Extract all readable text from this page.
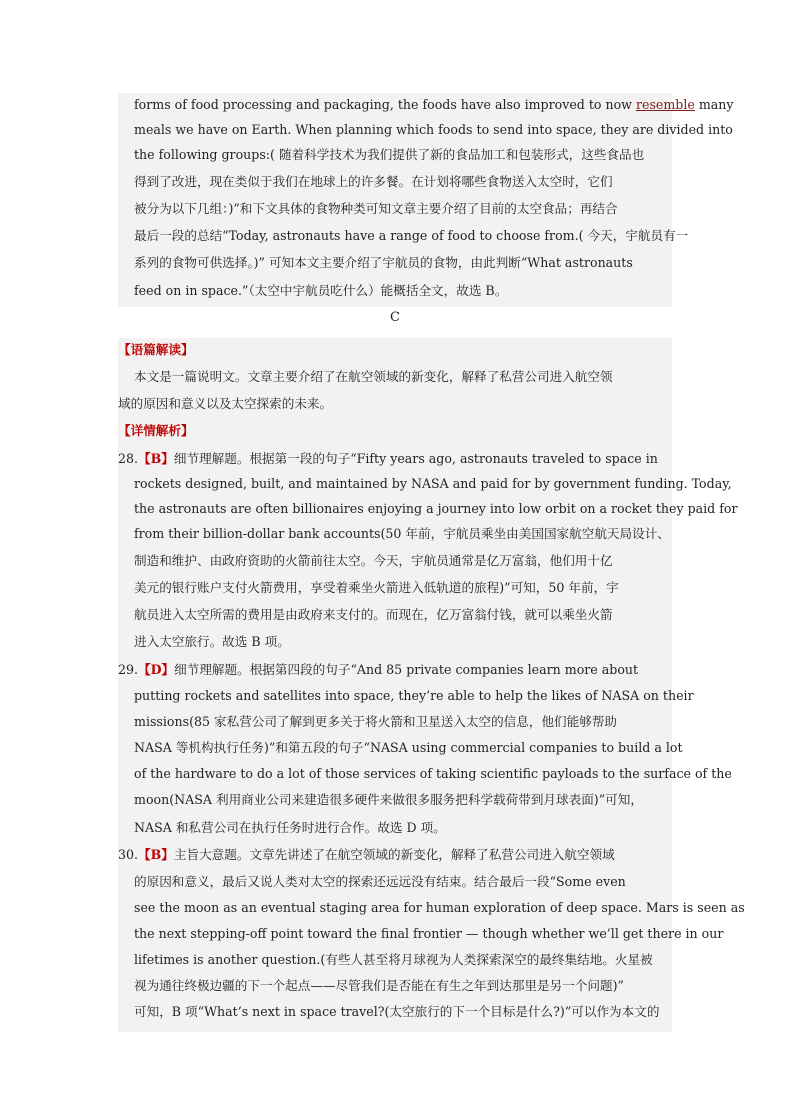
forms of food processing and packaging, the foods have also improved to now resemble many
meals we have on Earth. When planning which foods to send into space, they are divided into
the following groups:( 随着科学技术为我们提供了新的食品加工和包装形式，这些食品也
得到了改进，现在类似于我们在地球上的许多餐。在计划将哪些食物送入太空时，它们
被分为以下几组：)”和下文具体的食物种类可知文章主要介绍了目前的太空食品；再结合
最后一段的总结“Today, astronauts have a range of food to choose from.( 今天，宇航员有一
系列的食物可供选择。)” 可知本文主要介绍了宇航员的食物，由此判断“What astronauts
feed on in space.”（太空中宇航员吃什么）能概括全文，故选 B。
C
【语篇解读】
本文是一篇说明文。文章主要介绍了在航空领域的新变化，解释了私营公司进入航空领
域的原因和意义以及太空探索的未来。
【详情解析】
28.【B】细节理解题。根据第一段的句子“Fifty years ago, astronauts traveled to space in
rockets designed, built, and maintained by NASA and paid for by government funding. Today,
the astronauts are often billionaires enjoying a journey into low orbit on a rocket they paid for
from their billion-dollar bank accounts(50 年前，宇航员乘坐由美国国家航空航天局设计、
制造和维护、由政府资助的火箭前往太空。今天，宇航员通常是亿万富翁，他们用十亿
美元的银行账户支付火箭费用，享受着乘坐火箭进入低轨道的旅程)”可知，50 年前，宇
航员进入太空所需的费用是由政府来支付的。而现在，亿万富翁付钱，就可以乘坐火箭
进入太空旅行。故选 B 项。
29.【D】细节理解题。根据第四段的句子“And 85 private companies learn more about
putting rockets and satellites into space, they’re able to help the likes of NASA on their
missions(85 家私营公司了解到更多关于将火箭和卫星送入太空的信息，他们能够帮助
NASA 等机构执行任务)”和第五段的句子“NASA using commercial companies to build a lot
of the hardware to do a lot of those services of taking scientific payloads to the surface of the
moon(NASA 利用商业公司来建造很多硬件来做很多服务把科学载荷带到月球表面)”可知，
NASA 和私营公司在执行任务时进行合作。故选 D 项。
30.【B】主旨大意题。文章先讲述了在航空领域的新变化，解释了私营公司进入航空领域
的原因和意义，最后又说人类对太空的探索还远远没有结束。结合最后一段“Some even
see the moon as an eventual staging area for human exploration of deep space. Mars is seen as
the next stepping-off point toward the final frontier — though whether we’ll get there in our
lifetimes is another question.(有些人甚至将月球视为人类探索深空的最终集结地。火星被
视为通往终极边疆的下一个起点——尽管我们是否能在有生之年到达那里是另一个问题)”
可知，B 项“What’s next in space travel?(太空旅行的下一个目标是什么?)”可以作为本文的
